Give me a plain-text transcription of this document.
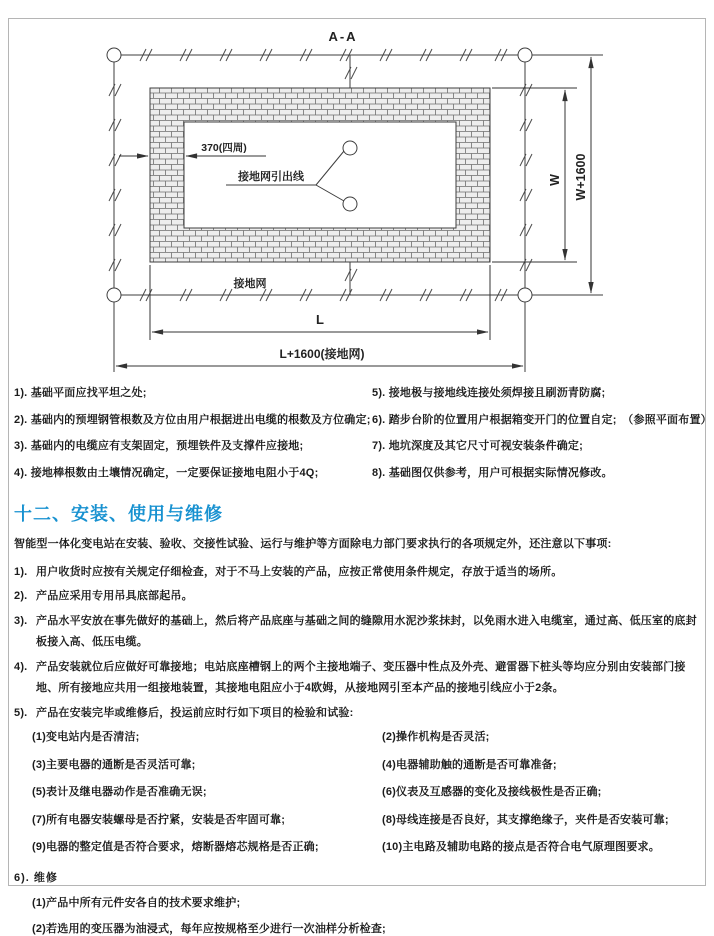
A-A
370(四周)
接地网引出线
接地网
W W+1600
L
L+1600(接地网)
1). 基础平面应找平坦之处;
2). 基础内的预埋钢管根数及方位由用户根据进出电缆的根数及方位确定;
3). 基础内的电缆应有支架固定，预埋铁件及支撑件应接地;
4). 接地棒根数由土壤情况确定，一定要保证接地电阻小于4Q;
5). 接地极与接地线连接处须焊接且刷沥青防腐;
6). 踏步台阶的位置用户根据箱变开门的位置自定;　（参照平面布置）
7). 地坑深度及其它尺寸可视安装条件确定;
8). 基础图仅供参考，用户可根据实际情况修改。
十二、安装、使用与维修
智能型一体化变电站在安装、验收、交接性试验、运行与维护等方面除电力部门要求执行的各项规定外，还注意以下事项:
1). 用户收货时应按有关规定仔细检查，对于不马上安装的产品，应按正常使用条件规定，存放于适当的场所。
2). 产品应采用专用吊具底部起吊。
3). 产品水平安放在事先做好的基础上，然后将产品底座与基础之间的缝隙用水泥沙浆抹封，以免雨水进入电缆室，通过高、低压室的底封板接入高、低压电缆。
4). 产品安装就位后应做好可靠接地；电站底座槽钢上的两个主接地端子、变压器中性点及外壳、避雷器下桩头等均应分别由安装部门接地、所有接地应共用一组接地装置，其接地电阻应小于4欧姆，从接地网引至本产品的接地引线应小于2条。
5). 产品在安装完毕或维修后，投运前应时行如下项目的检验和试验:
(1)变电站内是否清洁;	(2)操作机构是否灵活;
(3)主要电器的通断是否灵活可靠;	(4)电器辅助触的通断是否可靠准备;
(5)表计及继电器动作是否准确无误;	(6)仪表及互感器的变化及接线极性是否正确;
(7)所有电器安装螺母是否拧紧，安装是否牢固可靠;	(8)母线连接是否良好，其支撑绝缘子，夹件是否安装可靠;
(9)电器的整定值是否符合要求，熔断器熔芯规格是否正确;	(10)主电路及辅助电路的接点是否符合电气原理图要求。
6). 维修
(1)产品中所有元件安各自的技术要求维护;
(2)若选用的变压器为油浸式，每年应按规格至少进行一次油样分析检查;
